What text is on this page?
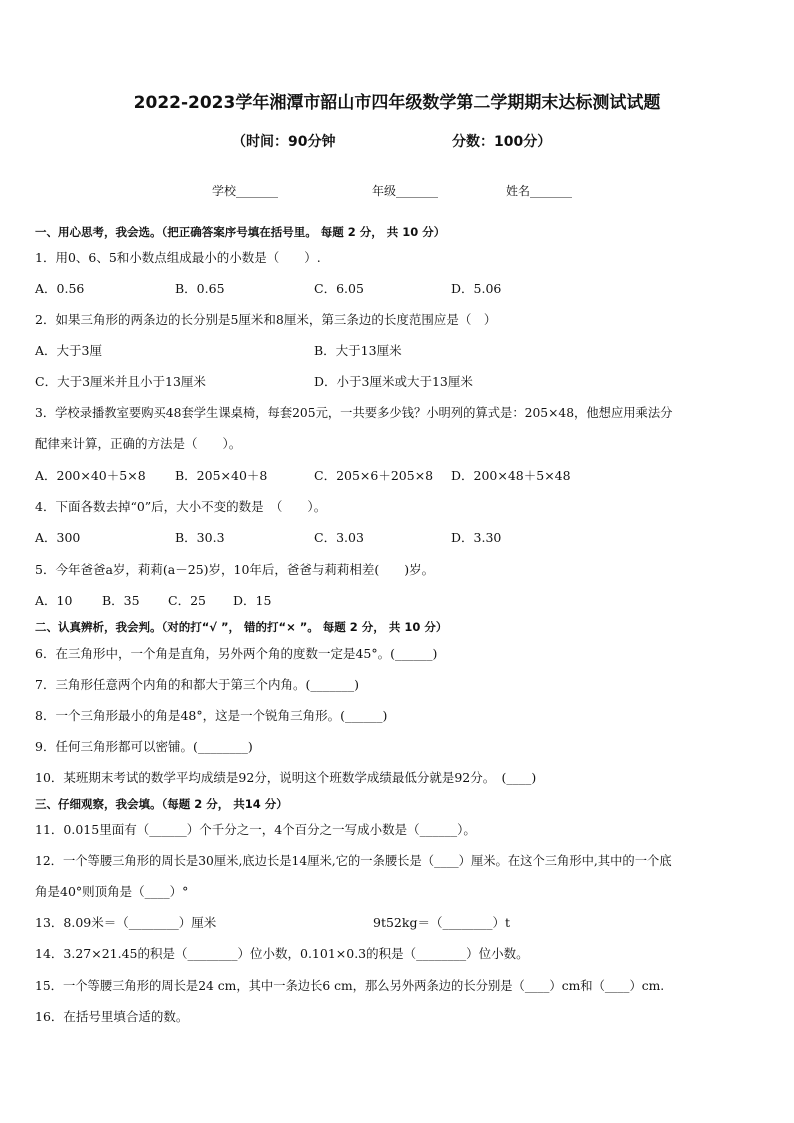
2022-2023学年湘潭市韶山市四年级数学第二学期期末达标测试试题
（时间：90分钟	分数：100分）
学校_______	年级_______	姓名_______
一、用心思考，我会选。（把正确答案序号填在括号里。 每题 2 分， 共 10 分）
1．用0、6、5和小数点组成最小的小数是（　　）.
A．0.56	B．0.65	C．6.05	D．5.06
2．如果三角形的两条边的长分别是5厘米和8厘米，第三条边的长度范围应是（　）
A．大于3厘	B．大于13厘米
C．大于3厘米并且小于13厘米	D．小于3厘米或大于13厘米
3．学校录播教室要购买48套学生课桌椅，每套205元，一共要多少钱？小明列的算式是：205×48，他想应用乘法分
配律来计算，正确的方法是（　　）。
A．200×40＋5×8 B．205×40＋8	C．205×6＋205×8 D．200×48＋5×48
4．下面各数去掉“0”后，大小不变的数是　（　　）。
A．300	B．30.3	C．3.03	D．3.30
5．今年爸爸a岁，莉莉(a－25)岁，10年后，爸爸与莉莉相差(　　)岁。
A．10 B．35 C．25 D．15
二、认真辨析，我会判。（对的打“√ ”， 错的打“× ”。 每题 2 分， 共 10 分）
6．在三角形中，一个角是直角，另外两个角的度数一定是45°。(______)
7．三角形任意两个内角的和都大于第三个内角。(_______)
8．一个三角形最小的角是48°，这是一个锐角三角形。(______)
9．任何三角形都可以密铺。(________)
10．某班期末考试的数学平均成绩是92分，说明这个班数学成绩最低分就是92分。　(____)
三、仔细观察，我会填。（每题 2 分， 共14 分）
11．0.015里面有（______）个千分之一，4个百分之一写成小数是（______）。
12．一个等腰三角形的周长是30厘米,底边长是14厘米,它的一条腰长是（____）厘米。在这个三角形中,其中的一个底
角是40°则顶角是（____）°
13．8.09米＝（________）厘米	9t52kg＝（________）t
14．3.27×21.45的积是（________）位小数，0.101×0.3的积是（________）位小数。
15．一个等腰三角形的周长是24 cm，其中一条边长6 cm，那么另外两条边的长分别是（____）cm和（____）cm.
16．在括号里填合适的数。
